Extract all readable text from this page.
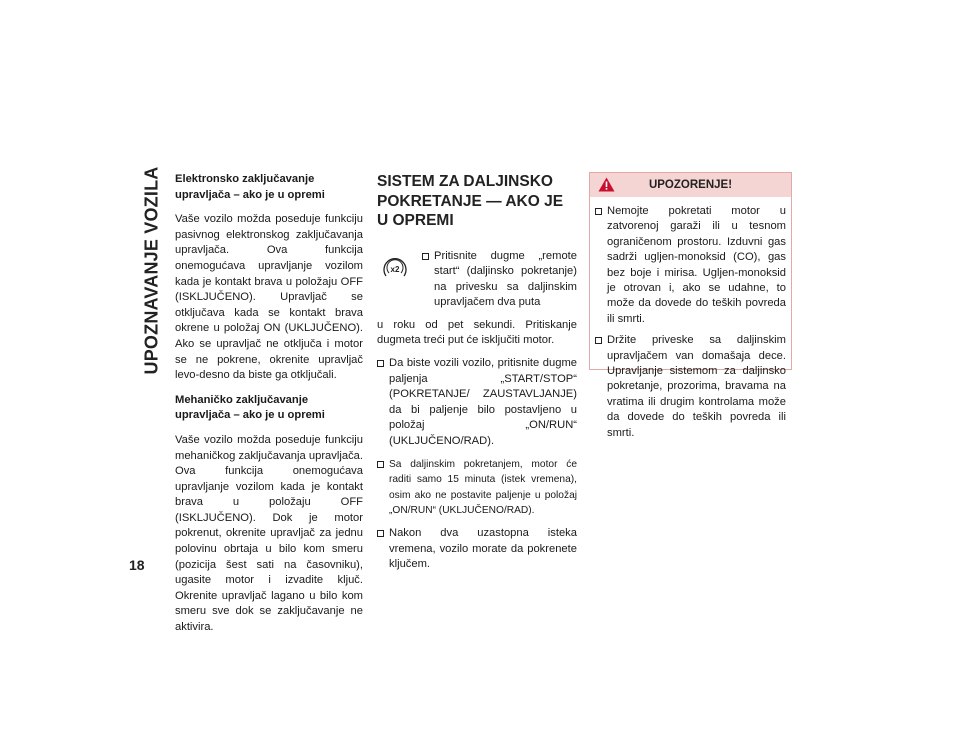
UPOZNAVANJE VOZILA
18

Elektronsko zaključavanje upravljača – ako je u opremi

Vaše vozilo možda poseduje funkciju pasivnog elektronskog zaključavanja upravljača. Ova funkcija onemogućava upravljanje vozilom kada je kontakt brava u položaju OFF (ISKLJUČENO). Upravljač se otključava kada se kontakt brava okrene u položaj ON (UKLJUČENO). Ako se upravljač ne otključa i motor se ne pokrene, okrenite upravljač levo-desno da biste ga otključali.

Mehaničko zaključavanje upravljača – ako je u opremi

Vaše vozilo možda poseduje funkciju mehaničkog zaključavanja upravljača. Ova funkcija onemogućava upravljanje vozilom kada je kontakt brava u položaju OFF (ISKLJUČENO). Dok je motor pokrenut, okrenite upravljač za jednu polovinu obrtaja u bilo kom smeru (pozicija šest sati na časovniku), ugasite motor i izvadite ključ. Okrenite upravljač lagano u bilo kom smeru sve dok se zaključavanje ne aktivira.

SISTEM ZA DALJINSKO POKRETANJE — AKO JE U OPREMI
x2
Pritisnite dugme „remote start“ (daljinsko pokretanje) na privesku sa daljinskim upravljačem dva puta
u roku od pet sekundi. Pritiskanje dugmeta treći put će isključiti motor.
Da biste vozili vozilo, pritisnite dugme paljenja „START/STOP“ (POKRETANJE/ ZAUSTAVLJANJE) da bi paljenje bilo postavljeno u položaj „ON/RUN“ (UKLJUČENO/RAD).
Sa daljinskim pokretanjem, motor će raditi samo 15 minuta (istek vremena), osim ako ne postavite paljenje u položaj „ON/RUN“ (UKLJUČENO/RAD).
Nakon dva uzastopna isteka vremena, vozilo morate da pokrenete ključem.
UPOZORENJE!
Nemojte pokretati motor u zatvorenoj garaži ili u tesnom ograničenom prostoru. Izduvni gas sadrži ugljen-monoksid (CO), gas bez boje i mirisa. Ugljen-monoksid je otrovan i, ako se udahne, to može da dovede do teških povreda ili smrti.
Držite priveske sa daljinskim upravljačem van domašaja dece. Upravljanje sistemom za daljinsko pokretanje, prozorima, bravama na vratima ili drugim kontrolama može da dovede do teških povreda ili smrti.
